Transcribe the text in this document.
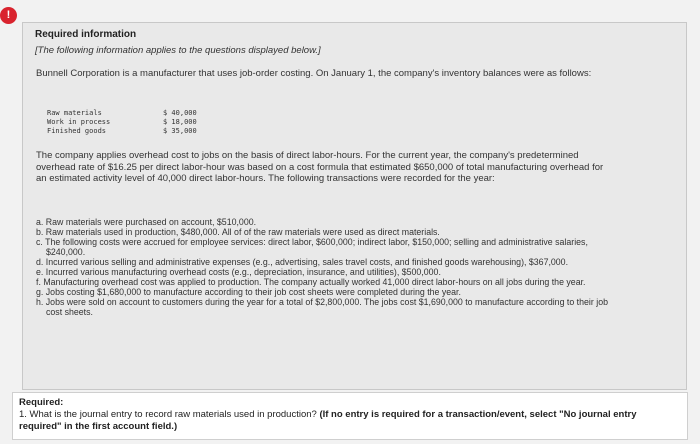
!
Required information
[The following information applies to the questions displayed below.]
Bunnell Corporation is a manufacturer that uses job-order costing. On January 1, the company's inventory balances were as follows:
Raw materials	$ 40,000
Work in process	$ 18,000
Finished goods	$ 35,000
The company applies overhead cost to jobs on the basis of direct labor-hours. For the current year, the company's predetermined overhead rate of $16.25 per direct labor-hour was based on a cost formula that estimated $650,000 of total manufacturing overhead for an estimated activity level of 40,000 direct labor-hours. The following transactions were recorded for the year:
a. Raw materials were purchased on account, $510,000.
b. Raw materials used in production, $480,000. All of of the raw materials were used as direct materials.
c. The following costs were accrued for employee services: direct labor, $600,000; indirect labor, $150,000; selling and administrative salaries, $240,000.
d. Incurred various selling and administrative expenses (e.g., advertising, sales travel costs, and finished goods warehousing), $367,000.
e. Incurred various manufacturing overhead costs (e.g., depreciation, insurance, and utilities), $500,000.
f. Manufacturing overhead cost was applied to production. The company actually worked 41,000 direct labor-hours on all jobs during the year.
g. Jobs costing $1,680,000 to manufacture according to their job cost sheets were completed during the year.
h. Jobs were sold on account to customers during the year for a total of $2,800,000. The jobs cost $1,690,000 to manufacture according to their job cost sheets.
Required:
1. What is the journal entry to record raw materials used in production? (If no entry is required for a transaction/event, select "No journal entry required" in the first account field.)
